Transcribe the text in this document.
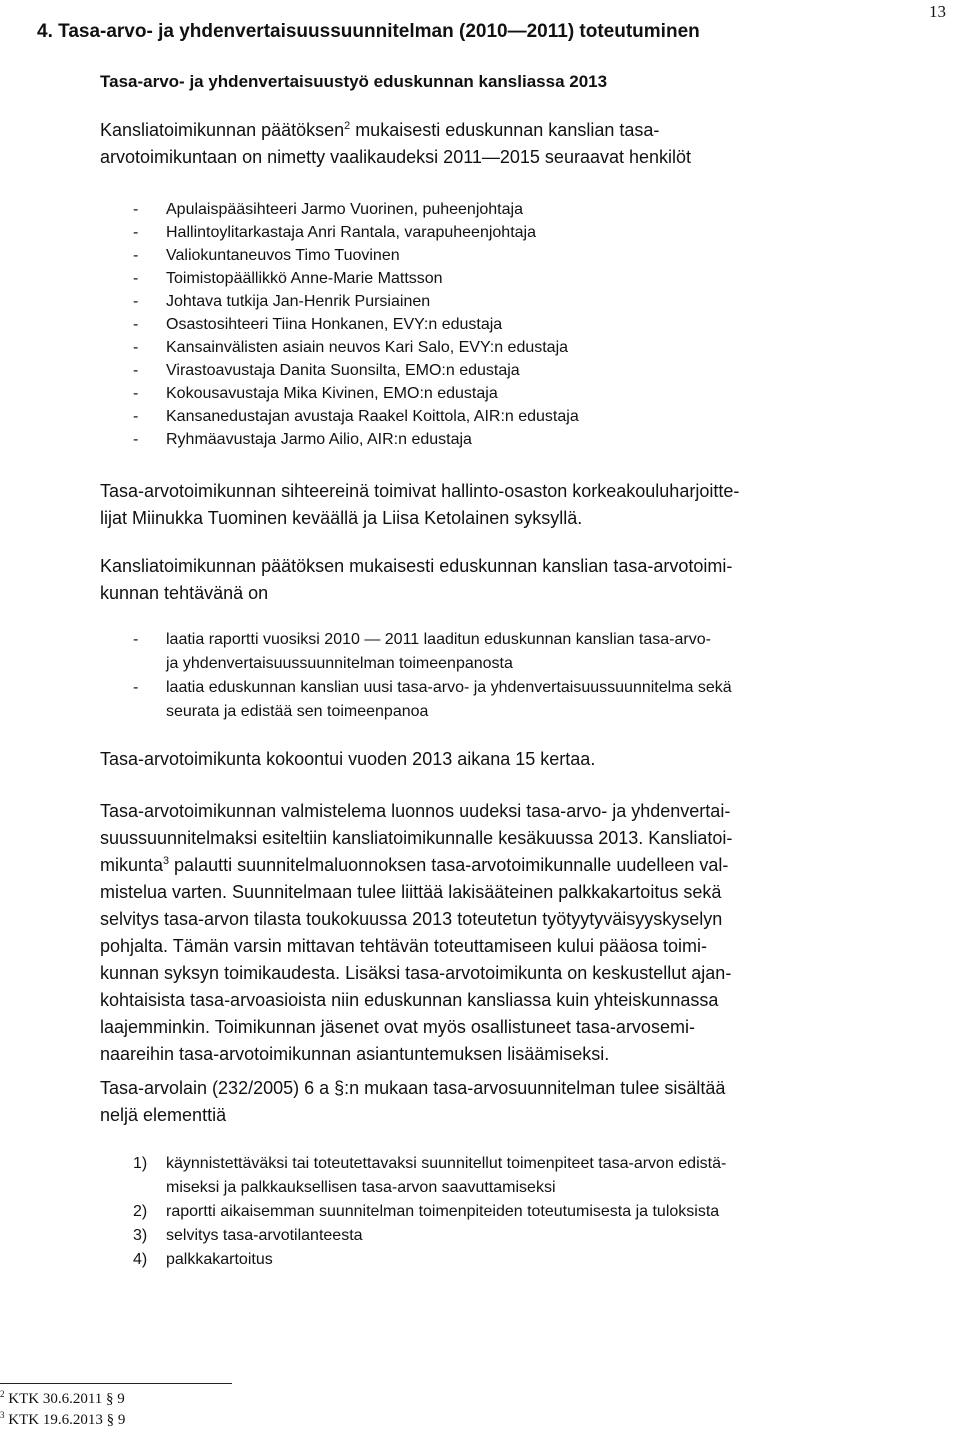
13
4. Tasa-arvo- ja yhdenvertaisuussuunnitelman (2010—2011) toteutuminen
Tasa-arvo- ja yhdenvertaisuustyö eduskunnan kansliassa 2013
Kansliatoimikunnan päätöksen$^2$ mukaisesti eduskunnan kanslian tasa-
arvotoimikuntaan on nimetty vaalikaudeksi 2011—2015 seuraavat henkilöt
- Apulaispääsihteeri Jarmo Vuorinen, puheenjohtaja
- Hallintoylitarkastaja Anri Rantala, varapuheenjohtaja
- Valiokuntaneuvos Timo Tuovinen
- Toimistopäällikkö Anne-Marie Mattsson
- Johtava tutkija Jan-Henrik Pursiainen
- Osastosihteeri Tiina Honkanen, EVY:n edustaja
- Kansainvälisten asiain neuvos Kari Salo, EVY:n edustaja
- Virastoavustaja Danita Suonsilta, EMO:n edustaja
- Kokousavustaja Mika Kivinen, EMO:n edustaja
- Kansanedustajan avustaja Raakel Koittola, AIR:n edustaja
- Ryhmäavustaja Jarmo Ailio, AIR:n edustaja
Tasa-arvotoimikunnan sihteereinä toimivat hallinto-osaston korkeakouluharjoitte-
lijat Miinukka Tuominen keväällä ja Liisa Ketolainen syksyllä.
Kansliatoimikunnan päätöksen mukaisesti eduskunnan kanslian tasa-arvotoimi-
kunnan tehtävänä on
- laatia raportti vuosiksi 2010 — 2011 laaditun eduskunnan kanslian tasa-arvo-
ja yhdenvertaisuussuunnitelman toimeenpanosta
- laatia eduskunnan kanslian uusi tasa-arvo- ja yhdenvertaisuussuunnitelma sekä
seurata ja edistää sen toimeenpanoa
Tasa-arvotoimikunta kokoontui vuoden 2013 aikana 15 kertaa.
Tasa-arvotoimikunnan valmistelema luonnos uudeksi tasa-arvo- ja yhdenvertai-
suussuunnitelmaksi esiteltiin kansliatoimikunnalle kesäkuussa 2013. Kansliatoi-
mikunta$^3$ palautti suunnitelmaluonnoksen tasa-arvotoimikunnalle uudelleen val-
mistelua varten. Suunnitelmaan tulee liittää lakisääteinen palkkakartoitus sekä
selvitys tasa-arvon tilasta toukokuussa 2013 toteutetun työtyytyväisyyskyselyn
pohjalta. Tämän varsin mittavan tehtävän toteuttamiseen kului pääosa toimi-
kunnan syksyn toimikaudesta. Lisäksi tasa-arvotoimikunta on keskustellut ajan-
kohtaisista tasa-arvoasioista niin eduskunnan kansliassa kuin yhteiskunnassa
laajemminkin. Toimikunnan jäsenet ovat myös osallistuneet tasa-arvosemi-
naareihin tasa-arvotoimikunnan asiantuntemuksen lisäämiseksi.
Tasa-arvolain (232/2005) 6 a §:n mukaan tasa-arvosuunnitelman tulee sisältää
neljä elementtiä
1) käynnistettäväksi tai toteutettavaksi suunnitellut toimenpiteet tasa-arvon edistä-
miseksi ja palkkauksellisen tasa-arvon saavuttamiseksi
2) raportti aikaisemman suunnitelman toimenpiteiden toteutumisesta ja tuloksista
3) selvitys tasa-arvotilanteesta
4) palkkakartoitus
$^2$ KTK 30.6.2011 § 9
$^3$ KTK 19.6.2013 § 9
